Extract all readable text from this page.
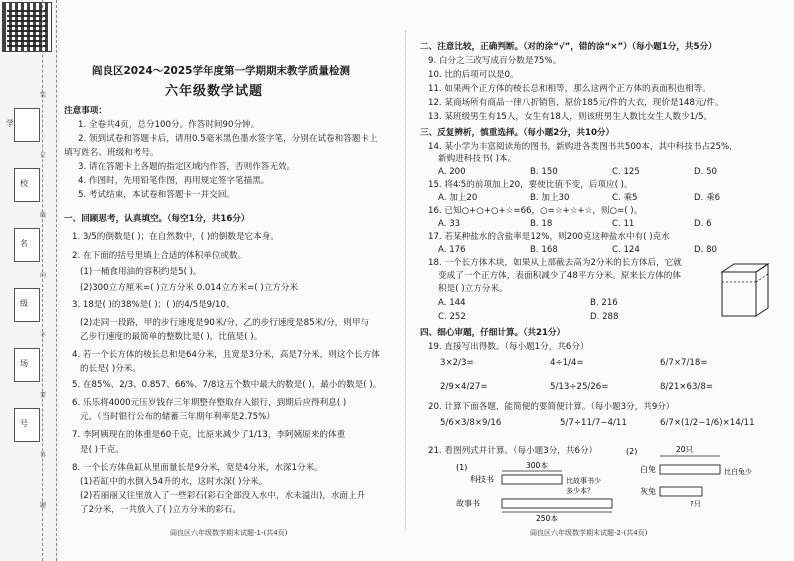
学
校
名
级
场
号
装
订
线
内
不
要
答
题
阎良区2024～2025学年度第一学期期末教学质量检测
六年级数学试题
注意事项：
1. 全卷共4页，总分100分。作答时间90分钟。
2. 领到试卷和答题卡后，请用0.5毫米黑色墨水签字笔，分别在试卷和答题卡上
填写姓名、班级和考号。
3. 请在答题卡上各题的指定区域内作答，否则作答无效。
4. 作图时，先用铅笔作图，再用规定签字笔描黑。
5. 考试结束，本试卷和答题卡一并交回。
一、回顾思考，认真填空。（每空1分，共16分）
1. 3/5的倒数是( )；在自然数中，( )的倒数是它本身。
2. 在下面的括号里填上合适的体积单位或数。
(1)一桶食用油的容积约是5( )。
(2)300立方厘米=( )立方分米 0.014立方米=( )立方分米
3. 18是( )的38%是( )；( )的4/5是9/10。
(2)走同一段路，甲的步行速度是90米/分，乙的步行速度是85米/分，则甲与
乙步行速度的最简单的整数比是( )，比值是( )。
4. 若一个长方体的棱长总和是64分米，且宽是3分米，高是7分米，则这个长方体
的长是( )分米。
5. 在85%、2/3、0.857、66%、7/8这五个数中最大的数是( )，最小的数是( )。
6. 乐乐将4000元压岁钱存三年期整存整取存入银行，到期后应得利息( )
元。（当时银行公布的储蓄三年期年利率是2.75%）
7. 李阿姨现在的体重是60千克，比原来减少了1/13，李阿姨原来的体重
是( )千克。
8. 一个长方体鱼缸从里面量长是9分米，宽是4分米，水深1分米。
(1)若缸中的水倒入54升的水，这时水深( )分米。
(2)若丽丽又往里放入了一些彩石(彩石全部没入水中，水未溢出)，水面上升
了2分米，一共放入了( )立方分米的彩石。
阎良区六年级数学期末试题-1-(共4页)
二、注意比较，正确判断。（对的涂“√”，错的涂“×”）（每小题1分，共5分）
9. 白分之三改写成百分数是75%。
10. 比的后项可以是0。
11. 如果两个正方体的棱长总和相等，那么这两个正方体的表面积也相等。
12. 某商场所有商品一律八折销售，原价185元/件的大衣，现价是148元/件。
13. 某班级男生有15人，女生有18人，则该班男生人数比女生人数少1/5。
三、反复辨析，慎重选择。（每小题2分，共10分）
14. 某小学为丰富阅读角的图书，新购进各类图书共500本，其中科技书占25%，
新购进科技书( )本。
A. 200	B. 150	C. 125	D. 50
15. 将4∶5的前项加上20，要使比值不变，后项应( )。
A. 加上20	B. 加上30	C. 乘5	D. 乘6
16. 已知○+○+○+☆=66，○=☆+☆+☆，则○=( )。
A. 33	B. 18	C. 11	D. 6
17. 若某种盐水的含盐率是12%，则200克这种盐水中有( )克水
A. 176	B. 168	C. 124	D. 80
18. 一个长方体木块，如果从上部截去高为2分米的长方体后，它就
变成了一个正方体，表面积减少了48平方分米。原来长方体的体
积是( )立方分米。
A. 144	B. 216
C. 252	D. 288
四、细心审题，仔细计算。（共21分）
19. 直接写出得数。（每小题1分，共6分）
3×2/3=	4÷1/4=	6/7×7/18=
2/9×4/27=	5/13÷25/26=	8/21×63/8=
20. 计算下面各题，能简便的要简便计算。（每小题3分，共9分）
5/6×3/8×9/16	5/7÷11/7−4/11	6/7×(1/2−1/6)×14/11
21. 看图列式并计算。（每小题3分，共6分）
(1)	300本
科技书	比故事书少
多少本？
故事书
250本
(2)	20只
白兔	比白兔少
灰兔
?只
阎良区六年级数学期末试题-2-(共4页)
